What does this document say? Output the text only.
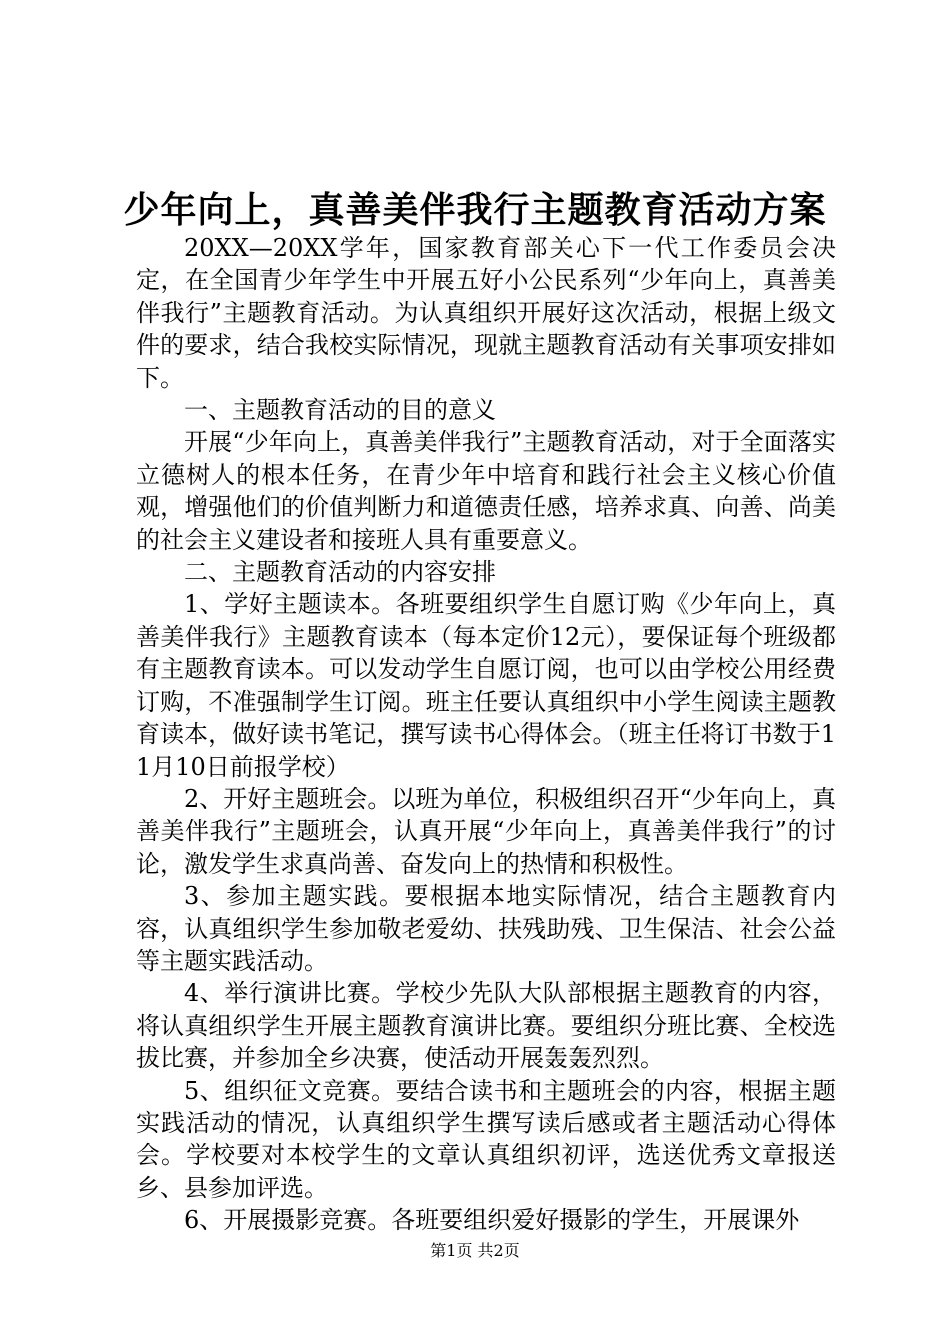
少年向上，真善美伴我行主题教育活动方案

20XX—20XX学年，国家教育部关心下一代工作委员会决定，在全国青少年学生中开展五好小公民系列“少年向上，真善美伴我行”主题教育活动。为认真组织开展好这次活动，根据上级文件的要求，结合我校实际情况，现就主题教育活动有关事项安排如下。

一、主题教育活动的目的意义

开展“少年向上，真善美伴我行”主题教育活动，对于全面落实立德树人的根本任务，在青少年中培育和践行社会主义核心价值观，增强他们的价值判断力和道德责任感，培养求真、向善、尚美的社会主义建设者和接班人具有重要意义。

二、主题教育活动的内容安排

1、学好主题读本。各班要组织学生自愿订购《少年向上，真善美伴我行》主题教育读本（每本定价12元），要保证每个班级都有主题教育读本。可以发动学生自愿订阅，也可以由学校公用经费订购，不准强制学生订阅。班主任要认真组织中小学生阅读主题教育读本，做好读书笔记，撰写读书心得体会。（班主任将订书数于11月10日前报学校）

2、开好主题班会。以班为单位，积极组织召开“少年向上，真善美伴我行”主题班会，认真开展“少年向上，真善美伴我行”的讨论，激发学生求真尚善、奋发向上的热情和积极性。

3、参加主题实践。要根据本地实际情况，结合主题教育内容，认真组织学生参加敬老爱幼、扶残助残、卫生保洁、社会公益等主题实践活动。

4、举行演讲比赛。学校少先队大队部根据主题教育的内容，将认真组织学生开展主题教育演讲比赛。要组织分班比赛、全校选拔比赛，并参加全乡决赛，使活动开展轰轰烈烈。

5、组织征文竞赛。要结合读书和主题班会的内容，根据主题实践活动的情况，认真组织学生撰写读后感或者主题活动心得体会。学校要对本校学生的文章认真组织初评，选送优秀文章报送乡、县参加评选。

6、开展摄影竞赛。各班要组织爱好摄影的学生，开展课外

第1页 共2页
